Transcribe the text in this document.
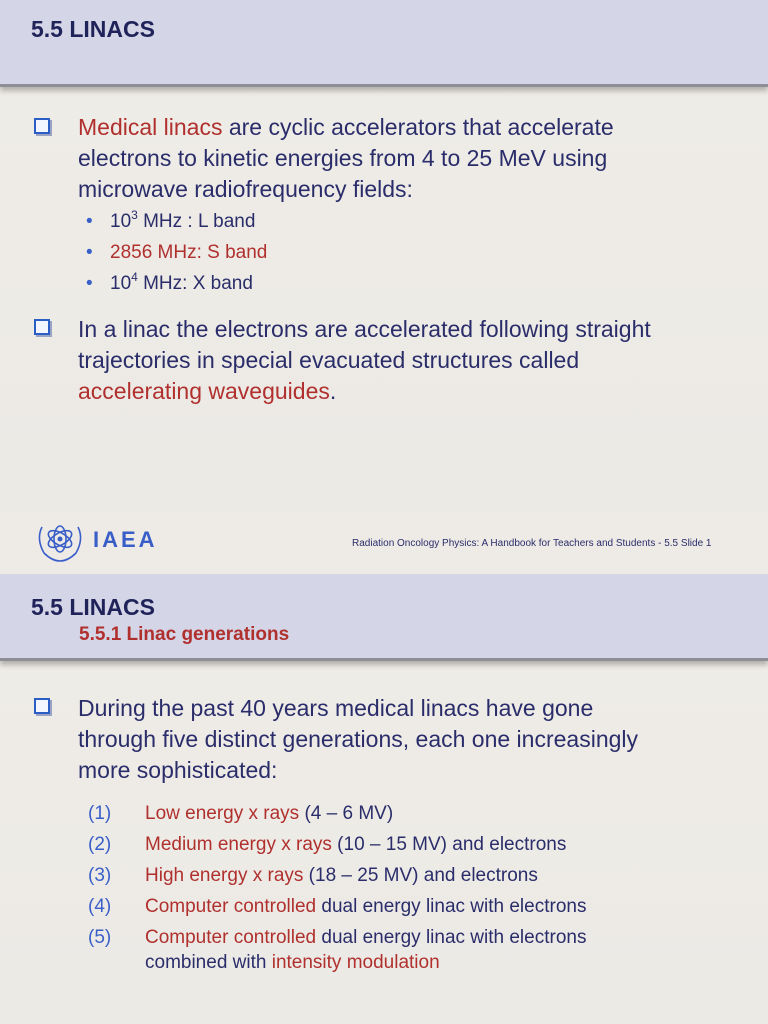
5.5 LINACS
Medical linacs are cyclic accelerators that accelerate
electrons to kinetic energies from 4 to 25 MeV using
microwave radiofrequency fields:
• $10^3$ MHz : L band
• 2856 MHz: S band
• $10^4$ MHz: X band
In a linac the electrons are accelerated following straight
trajectories in special evacuated structures called
accelerating waveguides.
IAEA	Radiation Oncology Physics: A Handbook for Teachers and Students - 5.5 Slide 1
5.5 LINACS
5.5.1 Linac generations
During the past 40 years medical linacs have gone
through five distinct generations, each one increasingly
more sophisticated:
(1) Low energy x rays (4 – 6 MV)
(2) Medium energy x rays (10 – 15 MV) and electrons
(3) High energy x rays (18 – 25 MV) and electrons
(4) Computer controlled dual energy linac with electrons
(5) Computer controlled dual energy linac with electrons
combined with intensity modulation
